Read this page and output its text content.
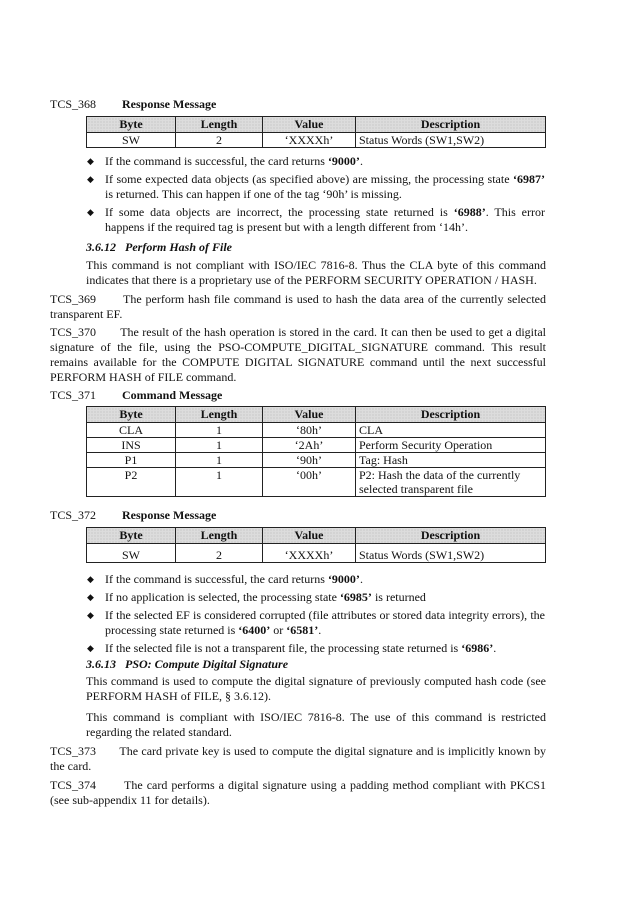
TCS_368 Response Message
Byte	Length	Value	Description
SW	2	‘XXXXh’	Status Words (SW1,SW2)
◆ If the command is successful, the card returns ‘9000’.
◆ If some expected data objects (as specified above) are missing, the processing state ‘6987’ is returned. This can happen if one of the tag ‘90h’ is missing.
◆ If some data objects are incorrect, the processing state returned is ‘6988’. This error happens if the required tag is present but with a length different from ‘14h’.
3.6.12 Perform Hash of File
This command is not compliant with ISO/IEC 7816-8. Thus the CLA byte of this command indicates that there is a proprietary use of the PERFORM SECURITY OPERATION / HASH.
TCS_369 The perform hash file command is used to hash the data area of the currently selected transparent EF.
TCS_370 The result of the hash operation is stored in the card. It can then be used to get a digital signature of the file, using the PSO-COMPUTE_DIGITAL_SIGNATURE command. This result remains available for the COMPUTE DIGITAL SIGNATURE command until the next successful PERFORM HASH of FILE command.
TCS_371 Command Message
Byte	Length	Value	Description
CLA	1	‘80h’	CLA
INS	1	‘2Ah’	Perform Security Operation
P1	1	‘90h’	Tag: Hash
P2	1	‘00h’	P2: Hash the data of the currently selected transparent file
TCS_372 Response Message
Byte	Length	Value	Description
SW	2	‘XXXXh’	Status Words (SW1,SW2)
◆ If the command is successful, the card returns ‘9000’.
◆ If no application is selected, the processing state ‘6985’ is returned
◆ If the selected EF is considered corrupted (file attributes or stored data integrity errors), the processing state returned is ‘6400’ or ‘6581’.
◆ If the selected file is not a transparent file, the processing state returned is ‘6986’.
3.6.13 PSO: Compute Digital Signature
This command is used to compute the digital signature of previously computed hash code (see PERFORM HASH of FILE, § 3.6.12).
This command is compliant with ISO/IEC 7816-8. The use of this command is restricted regarding the related standard.
TCS_373 The card private key is used to compute the digital signature and is implicitly known by the card.
TCS_374 The card performs a digital signature using a padding method compliant with PKCS1 (see sub-appendix 11 for details).
